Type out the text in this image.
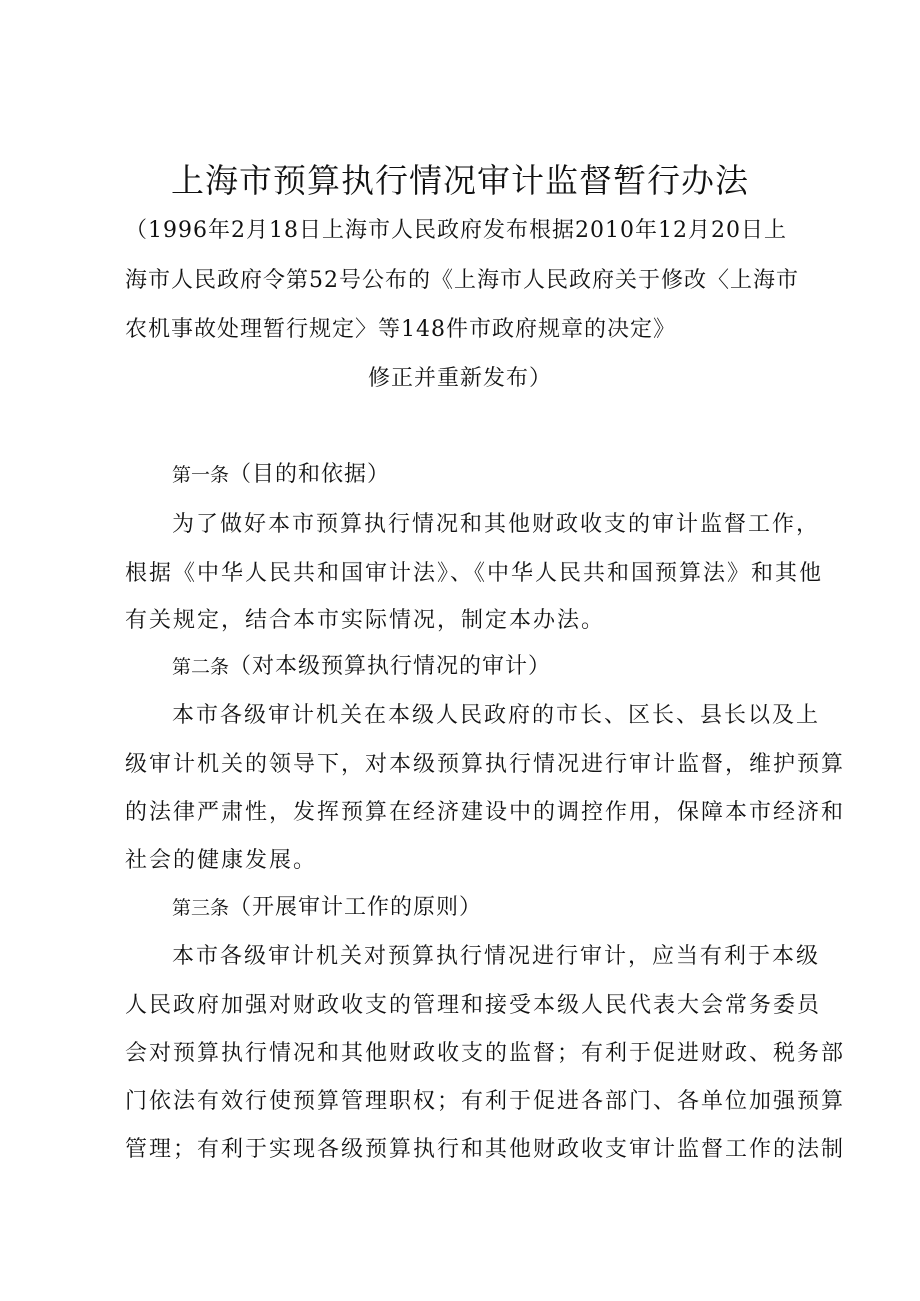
上海市预算执行情况审计监督暂行办法
（1996年2月18日上海市人民政府发布根据2010年12月20日上
海市人民政府令第52号公布的《上海市人民政府关于修改〈上海市
农机事故处理暂行规定〉等148件市政府规章的决定》
修正并重新发布）
第一条（目的和依据）
为了做好本市预算执行情况和其他财政收支的审计监督工作，
根据《中华人民共和国审计法》、《中华人民共和国预算法》和其他
有关规定，结合本市实际情况，制定本办法。
第二条（对本级预算执行情况的审计）
本市各级审计机关在本级人民政府的市长、区长、县长以及上
级审计机关的领导下，对本级预算执行情况进行审计监督，维护预算
的法律严肃性，发挥预算在经济建设中的调控作用，保障本市经济和
社会的健康发展。
第三条（开展审计工作的原则）
本市各级审计机关对预算执行情况进行审计，应当有利于本级
人民政府加强对财政收支的管理和接受本级人民代表大会常务委员
会对预算执行情况和其他财政收支的监督；有利于促进财政、税务部
门依法有效行使预算管理职权；有利于促进各部门、各单位加强预算
管理；有利于实现各级预算执行和其他财政收支审计监督工作的法制
